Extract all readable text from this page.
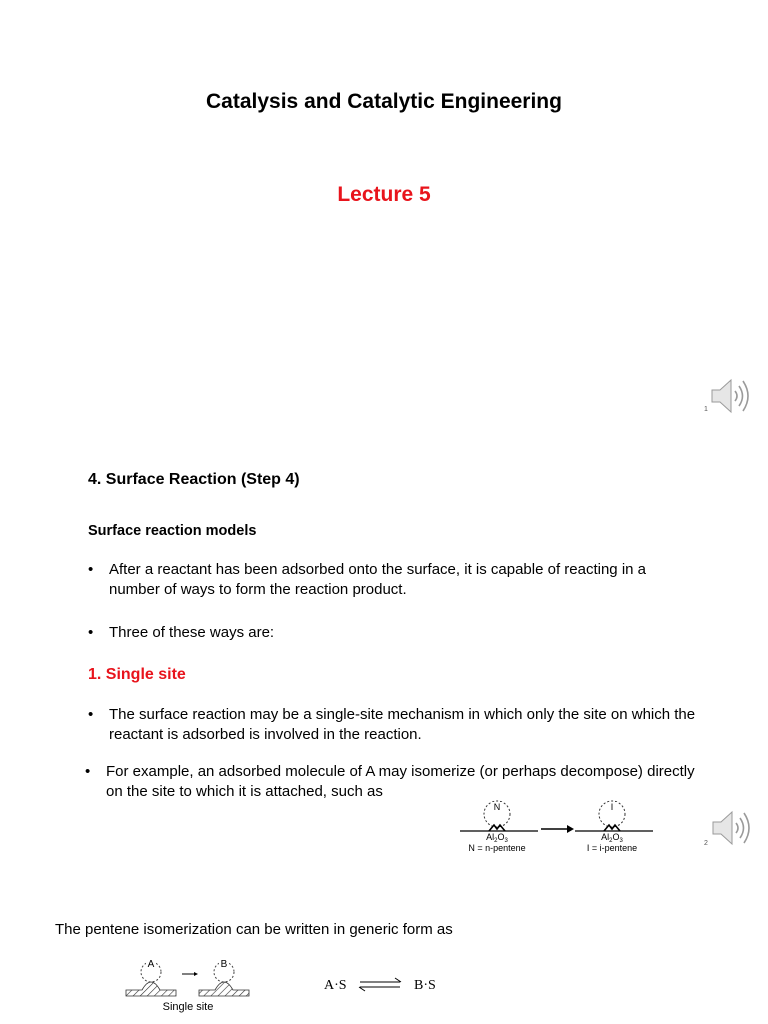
Catalysis and Catalytic Engineering
Lecture 5
1
4. Surface Reaction (Step 4)
Surface reaction models
• After a reactant has been adsorbed onto the surface, it is capable of reacting in a
number of ways to form the reaction product.
• Three of these ways are:
1. Single site
• The surface reaction may be a single-site mechanism in which only the site on which the
reactant is adsorbed is involved in the reaction.
• For example, an adsorbed molecule of A may isomerize (or perhaps decompose) directly
on the site to which it is attached, such as
N
$Al_2O_3$
N = n-pentene
I
$Al_2O_3$
I = i-pentene	2
The pentene isomerization can be written in generic form as
A	B
Single site
A·S	B·S
